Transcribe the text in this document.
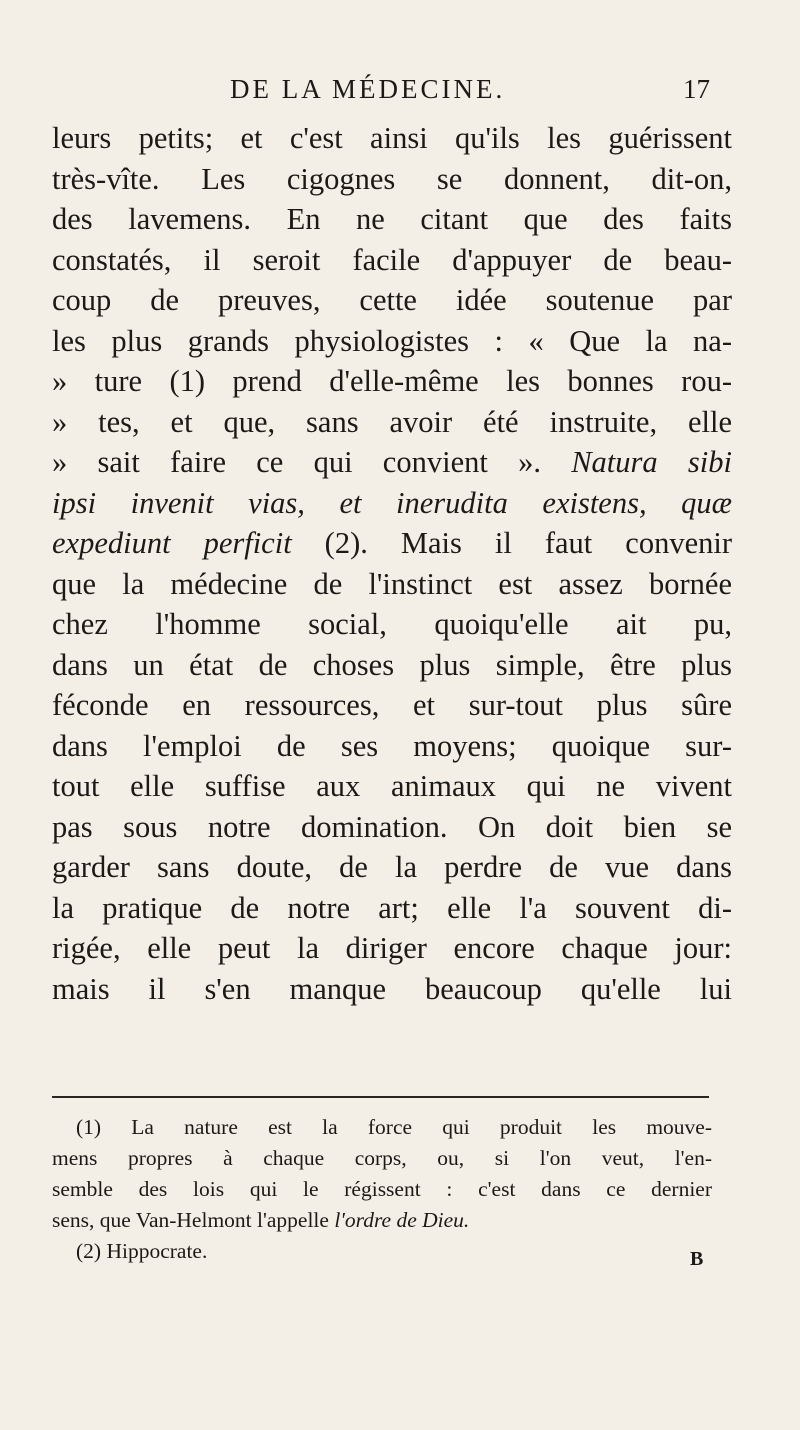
DE LA MÉDECINE.	17
leurs petits; et c'est ainsi qu'ils les guérissent
très-vîte. Les cigognes se donnent, dit-on,
des lavemens. En ne citant que des faits
constatés, il seroit facile d'appuyer de beau-
coup de preuves, cette idée soutenue par
les plus grands physiologistes : « Que la na-
» ture (1) prend d'elle-même les bonnes rou-
» tes, et que, sans avoir été instruite, elle
» sait faire ce qui convient ». Natura sibi
ipsi invenit vias, et inerudita existens, quæ
expediunt perficit (2). Mais il faut convenir
que la médecine de l'instinct est assez bornée
chez l'homme social, quoiqu'elle ait pu,
dans un état de choses plus simple, être plus
féconde en ressources, et sur-tout plus sûre
dans l'emploi de ses moyens; quoique sur-
tout elle suffise aux animaux qui ne vivent
pas sous notre domination. On doit bien se
garder sans doute, de la perdre de vue dans
la pratique de notre art; elle l'a souvent di-
rigée, elle peut la diriger encore chaque jour:
mais il s'en manque beaucoup qu'elle lui
(1) La nature est la force qui produit les mouve-
mens propres à chaque corps, ou, si l'on veut, l'en-
semble des lois qui le régissent : c'est dans ce dernier
sens, que Van-Helmont l'appelle l'ordre de Dieu.
(2) Hippocrate.	B
